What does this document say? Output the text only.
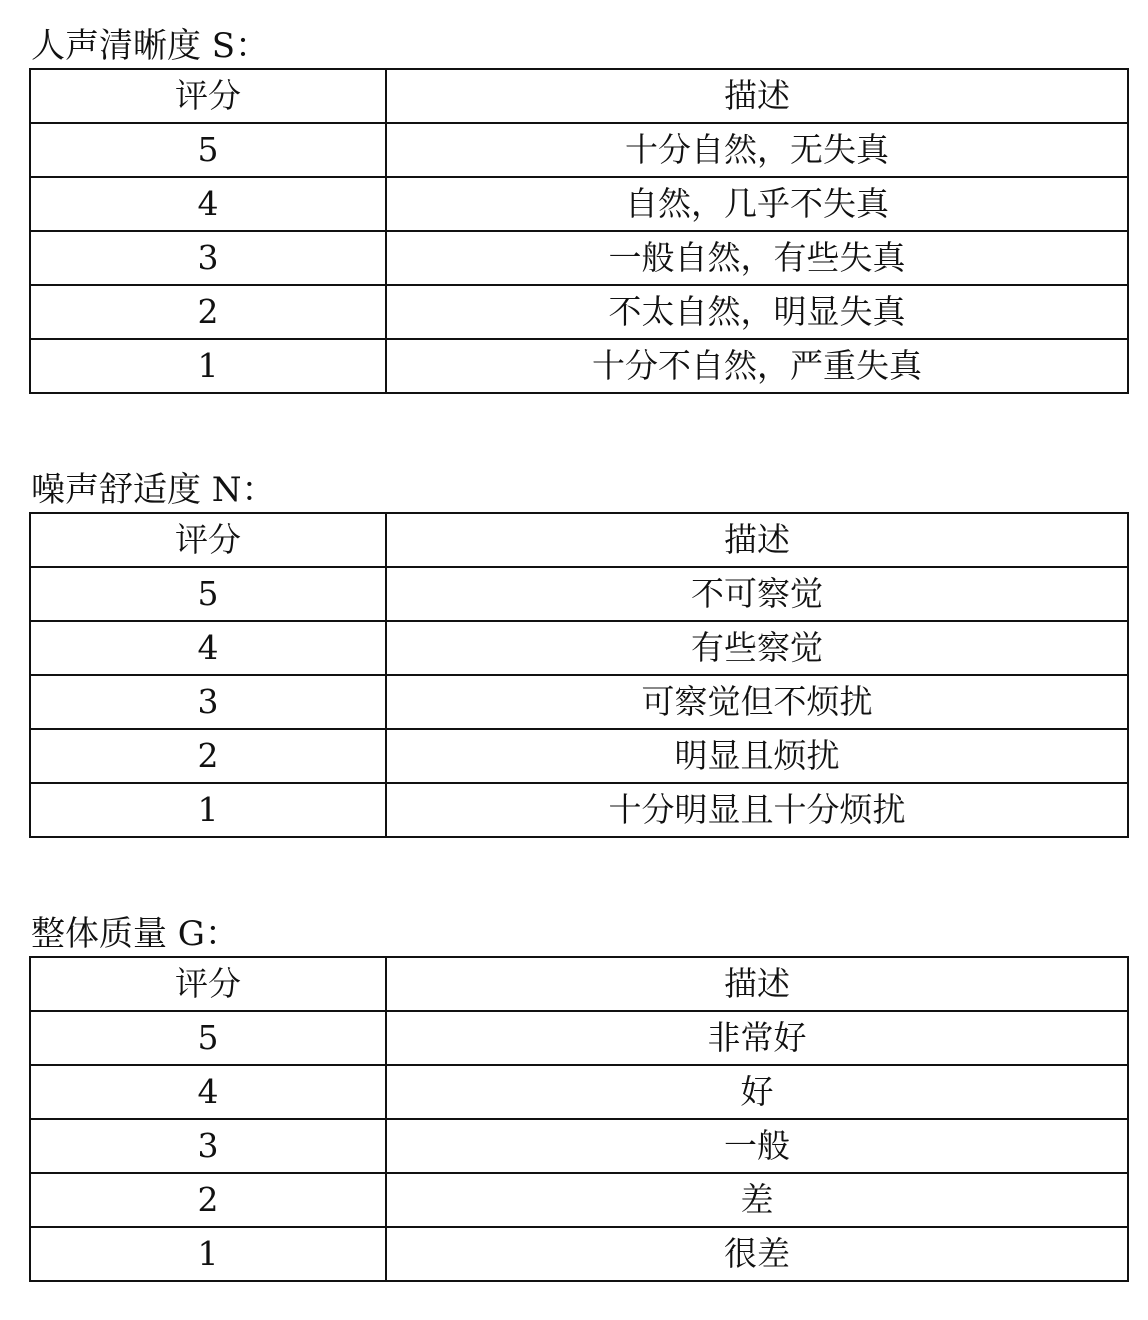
人声清晰度 S：
评分	描述
5	十分自然，无失真
4	自然，几乎不失真
3	一般自然，有些失真
2	不太自然，明显失真
1	十分不自然，严重失真
噪声舒适度 N：
评分	描述
5	不可察觉
4	有些察觉
3	可察觉但不烦扰
2	明显且烦扰
1	十分明显且十分烦扰
整体质量 G：
评分	描述
5	非常好
4	好
3	一般
2	差
1	很差
